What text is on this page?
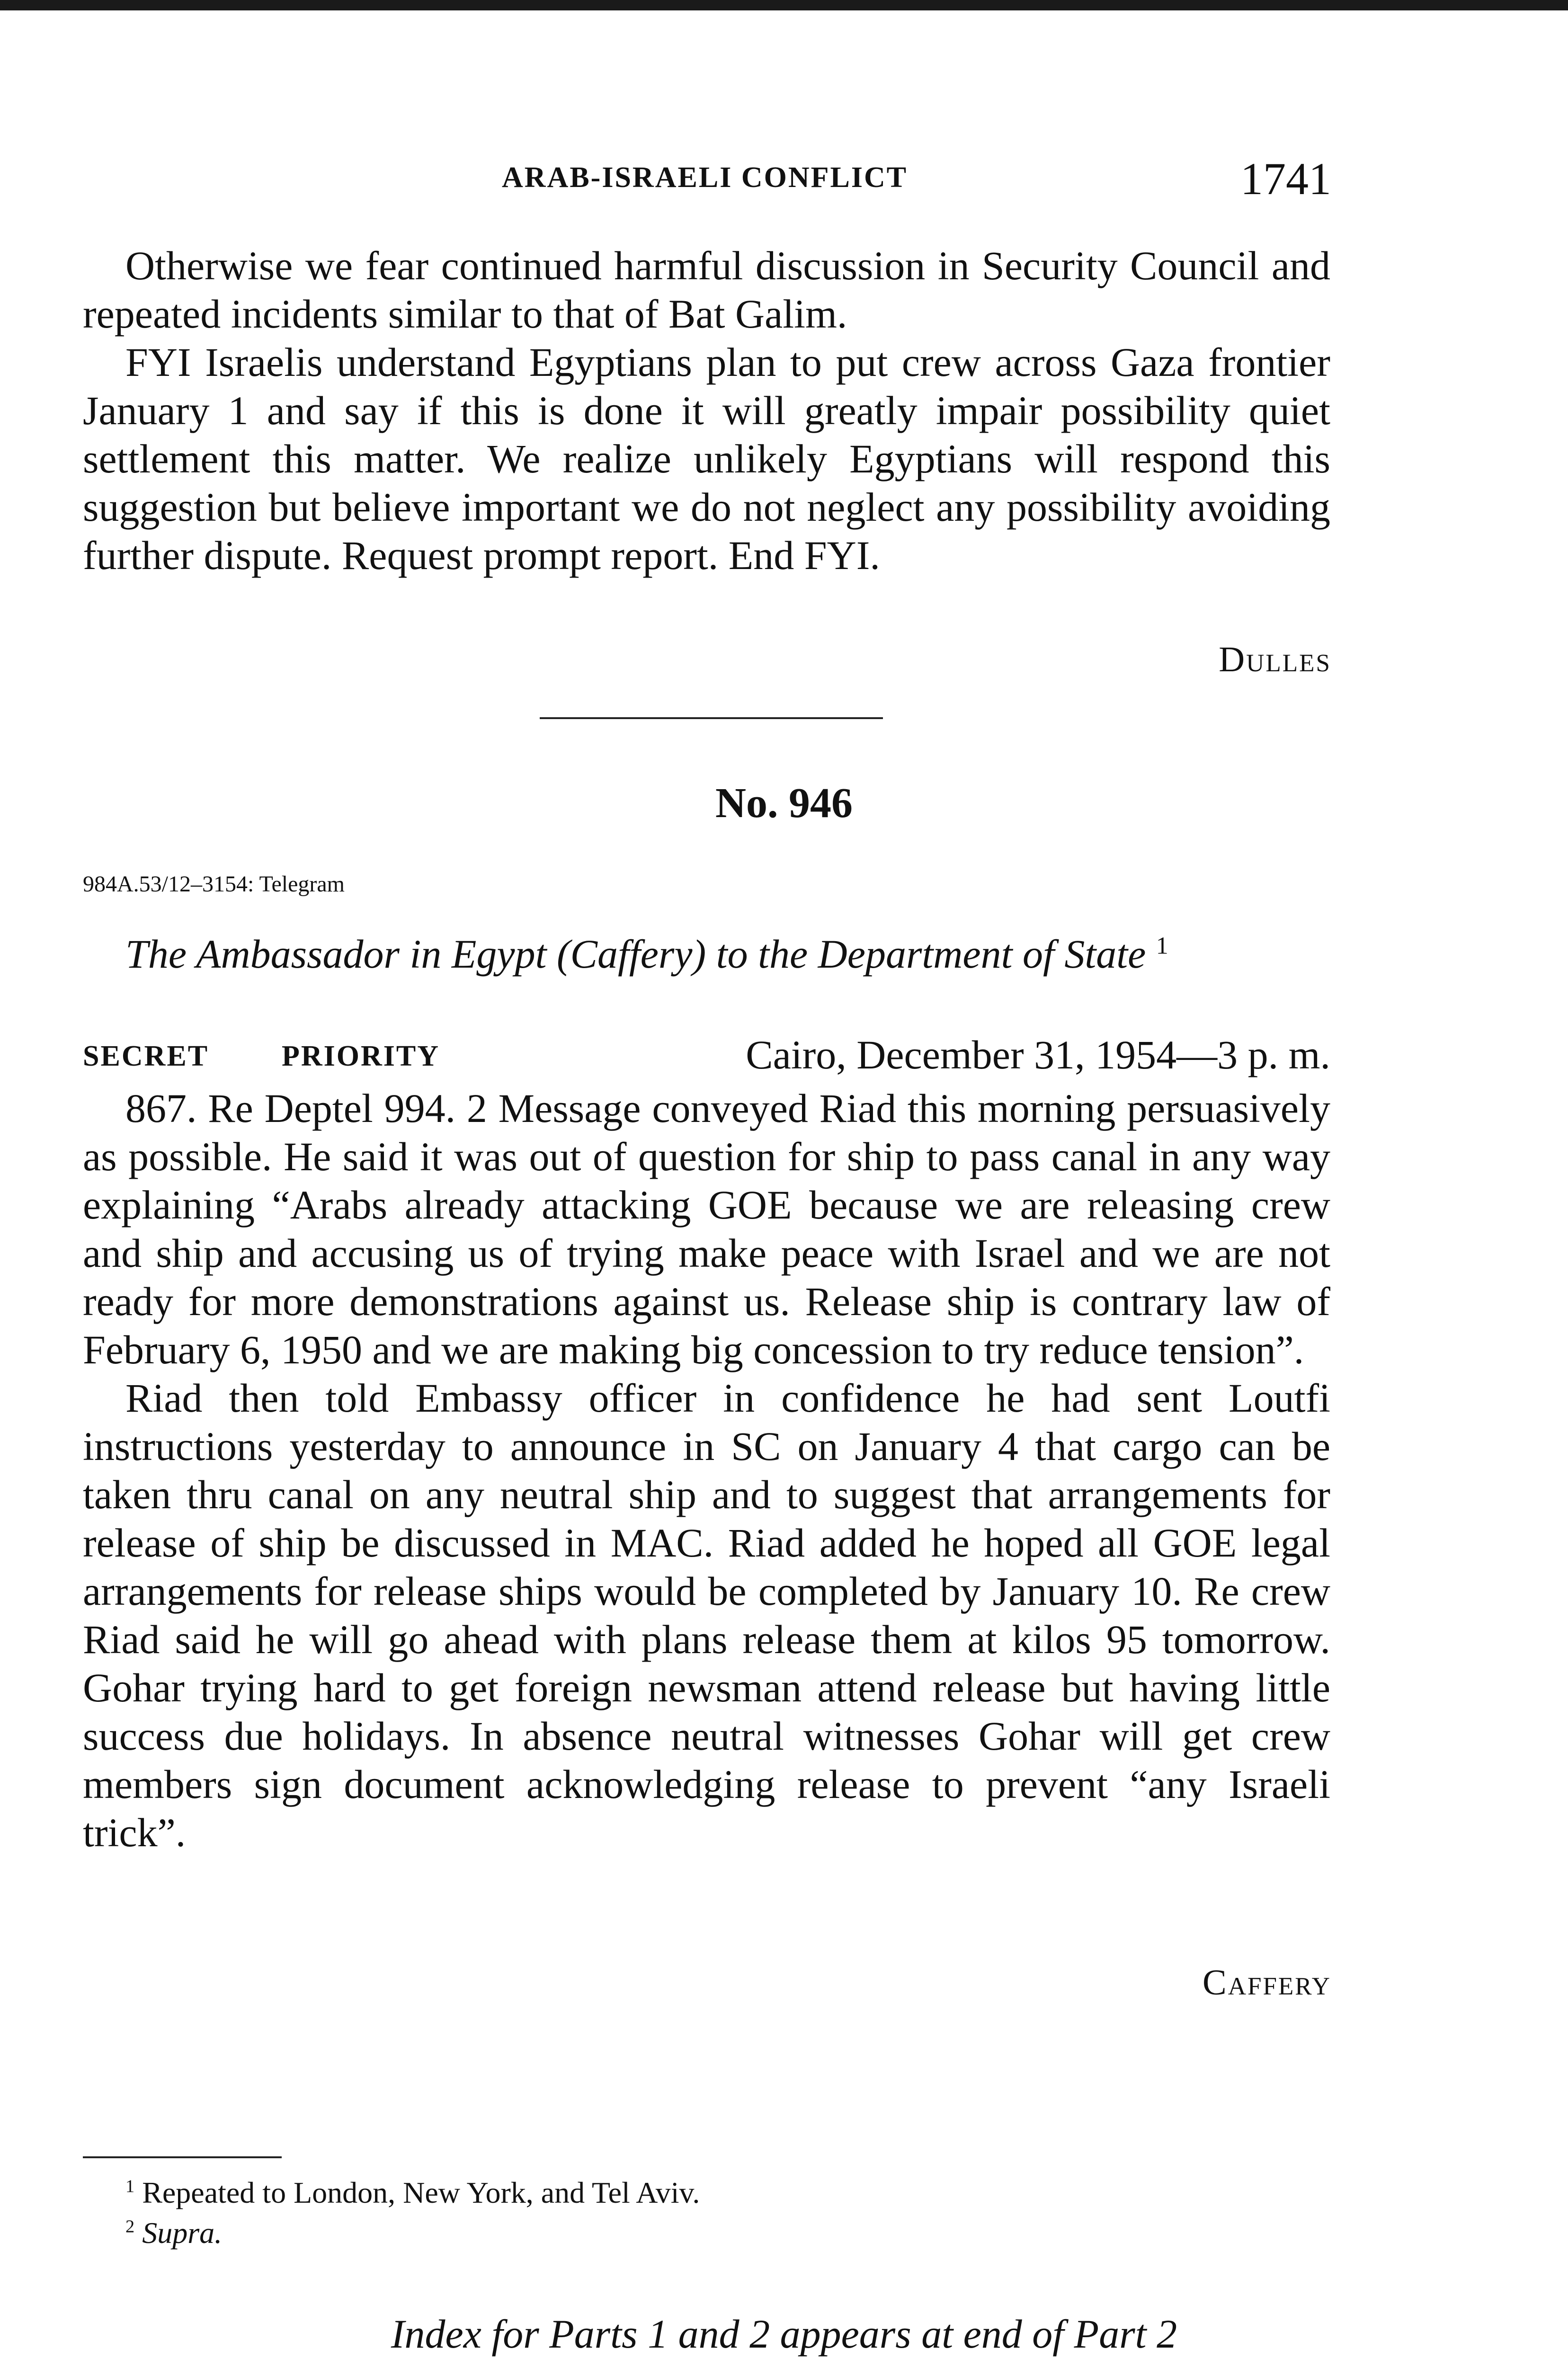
ARAB-ISRAELI CONFLICT	1741

Otherwise we fear continued harmful discussion in Security Council and repeated incidents similar to that of Bat Galim.

FYI Israelis understand Egyptians plan to put crew across Gaza frontier January 1 and say if this is done it will greatly impair possibility quiet settlement this matter. We realize unlikely Egyptians will respond this suggestion but believe important we do not neglect any possibility avoiding further dispute. Request prompt report. End FYI.

Dulles
No. 946
984A.53/12–3154: Telegram
The Ambassador in Egypt (Caffery) to the Department of State $^1$
SECRET PRIORITY	Cairo, December 31, 1954—3 p. m.

867. Re Deptel 994. 2 Message conveyed Riad this morning persuasively as possible. He said it was out of question for ship to pass canal in any way explaining “Arabs already attacking GOE because we are releasing crew and ship and accusing us of trying make peace with Israel and we are not ready for more demonstrations against us. Release ship is contrary law of February 6, 1950 and we are making big concession to try reduce tension”.

Riad then told Embassy officer in confidence he had sent Loutfi instructions yesterday to announce in SC on January 4 that cargo can be taken thru canal on any neutral ship and to suggest that arrangements for release of ship be discussed in MAC. Riad added he hoped all GOE legal arrangements for release ships would be completed by January 10. Re crew Riad said he will go ahead with plans release them at kilos 95 tomorrow. Gohar trying hard to get foreign newsman attend release but having little success due holidays. In absence neutral witnesses Gohar will get crew members sign document acknowledging release to prevent “any Israeli trick”.

Caffery
$^1$ Repeated to London, New York, and Tel Aviv.
$^2$ Supra.
Index for Parts 1 and 2 appears at end of Part 2
